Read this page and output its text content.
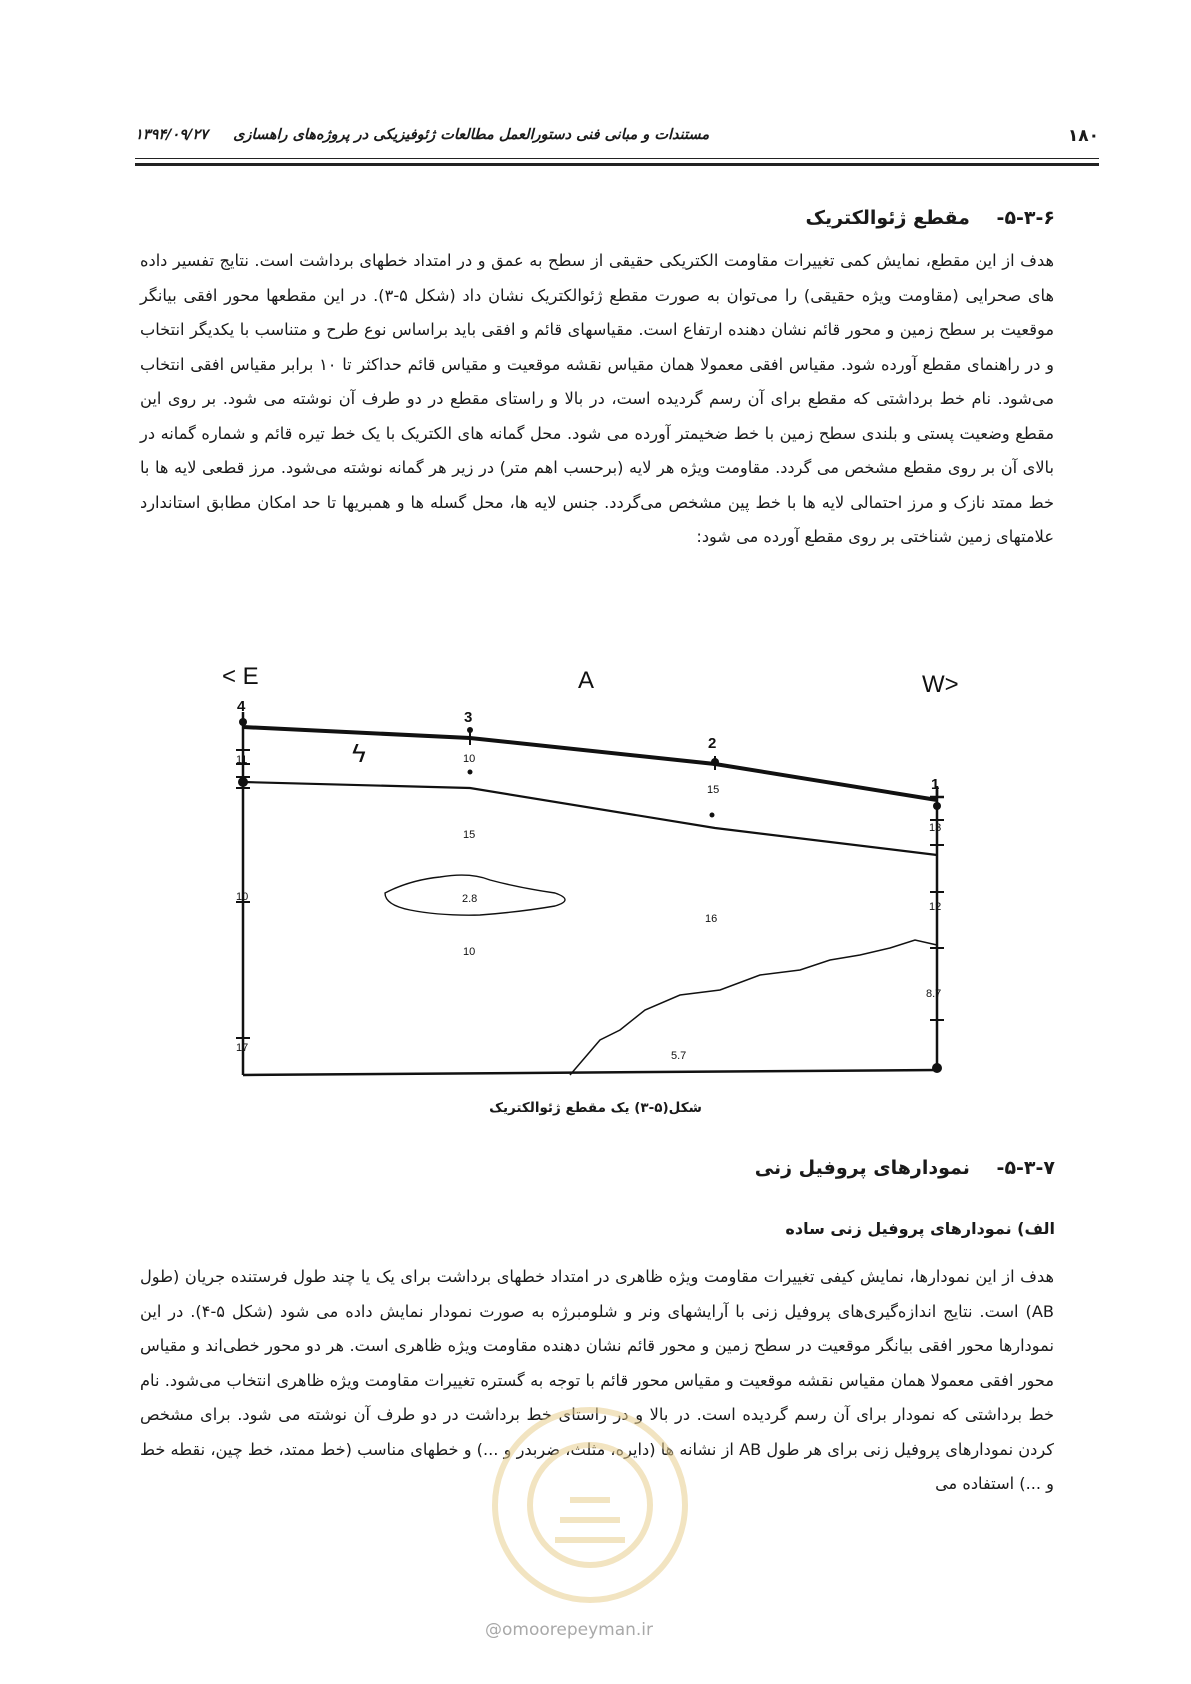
۱۸۰
مستندات و مبانی فنی دستورالعمل مطالعات ژئوفیزیکی در پروژه‌های راهسازی     ۱۳۹۴/۰۹/۲۷
۵-۳-۶- مقطع ژئوالکتریک
هدف از این مقطع، نمایش کمی تغییرات مقاومت الکتریکی حقیقی از سطح به عمق و در امتداد خطهای برداشت است. نتایج تفسیر داده های صحرایی (مقاومت ویژه حقیقی) را می‌توان به صورت مقطع ژئوالکتریک نشان داد (شکل ۵-۳). در این مقطعها محور افقی بیانگر موقعیت بر سطح زمین و محور قائم نشان دهنده ارتفاع است. مقیاسهای قائم و افقی باید براساس نوع طرح و متناسب با یکدیگر انتخاب و در راهنمای مقطع آورده شود. مقیاس افقی معمولا همان مقیاس نقشه موقعیت و مقیاس قائم حداکثر تا ۱۰ برابر مقیاس افقی انتخاب می‌شود. نام خط برداشتی که مقطع برای آن رسم گردیده است، در بالا و راستای مقطع در دو طرف آن نوشته می شود. بر روی این مقطع وضعیت پستی و بلندی سطح زمین با خط ضخیمتر آورده می شود. محل گمانه های الکتریک با یک خط تیره قائم و شماره گمانه در بالای آن بر روی مقطع مشخص می گردد. مقاومت ویژه هر لایه (برحسب اهم متر) در زیر هر گمانه نوشته می‌شود. مرز قطعی لایه ها با خط ممتد نازک و مرز احتمالی لایه ها با خط پین مشخص می‌گردد. جنس لایه ها، محل گسله ها و همبریها تا حد امکان مطابق استاندارد علامتهای زمین شناختی بر روی مقطع آورده می شود:
< E	A	W>
4
3
2
1
11
10
17
10
15
15
13
12
8.7
2.8
10
16
5.7
ϟ
شکل(۵-۳) یک مقطع ژئوالکتریک
۵-۳-۷- نمودارهای پروفیل زنی
الف) نمودارهای پروفیل زنی ساده
هدف از این نمودارها، نمایش کیفی تغییرات مقاومت ویژه ظاهری در امتداد خطهای برداشت برای یک یا چند طول فرستنده جریان (طول AB) است. نتایج اندازه‌گیری‌های پروفیل زنی با آرایشهای ونر و شلومبرژه به صورت نمودار نمایش داده می شود (شکل ۵-۴). در این نمودارها محور افقی بیانگر موقعیت در سطح زمین و محور قائم نشان دهنده مقاومت ویژه ظاهری است. هر دو محور خطی‌اند و مقیاس محور افقی معمولا همان مقیاس نقشه موقعیت و مقیاس محور قائم با توجه به گستره تغییرات مقاومت ویژه ظاهری انتخاب می‌شود. نام خط برداشتی که نمودار برای آن رسم گردیده است. در بالا و در راستای خط برداشت در دو طرف آن نوشته می شود. برای مشخص کردن نمودارهای پروفیل زنی برای هر طول AB از نشانه ها (دایره، مثلث، ضربدر و ...) و خطهای مناسب (خط ممتد، خط چین، نقطه خط و ...) استفاده می
@omoorepeyman.ir
